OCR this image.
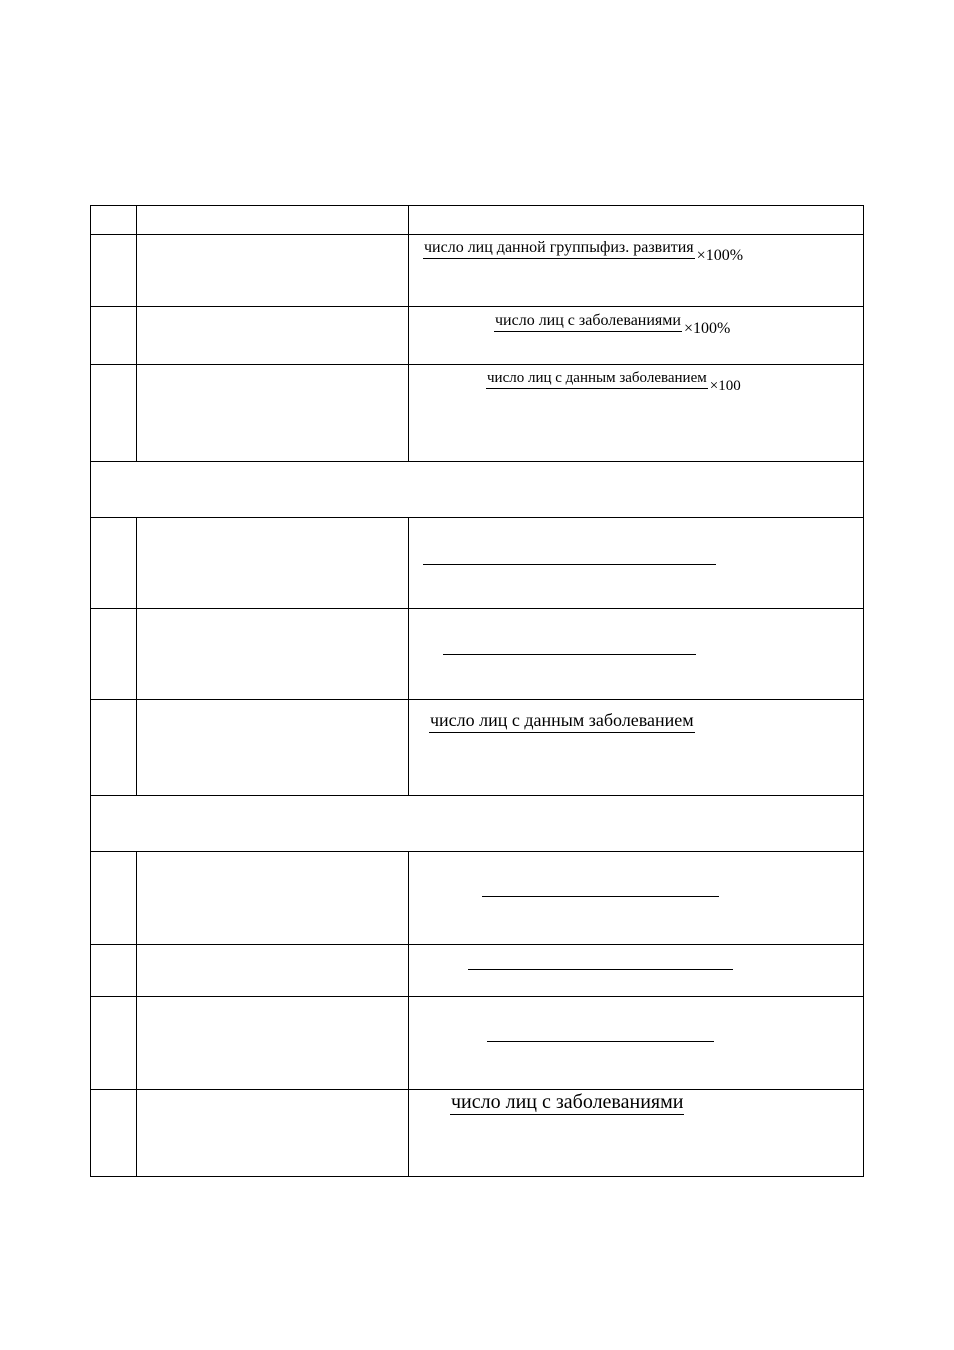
число лиц данной группыфиз. развития ×100%
число лиц с заболеваниями ×100%
число лиц с данным заболеванием ×100
число лиц с данным заболеванием
число лиц с заболеваниями
